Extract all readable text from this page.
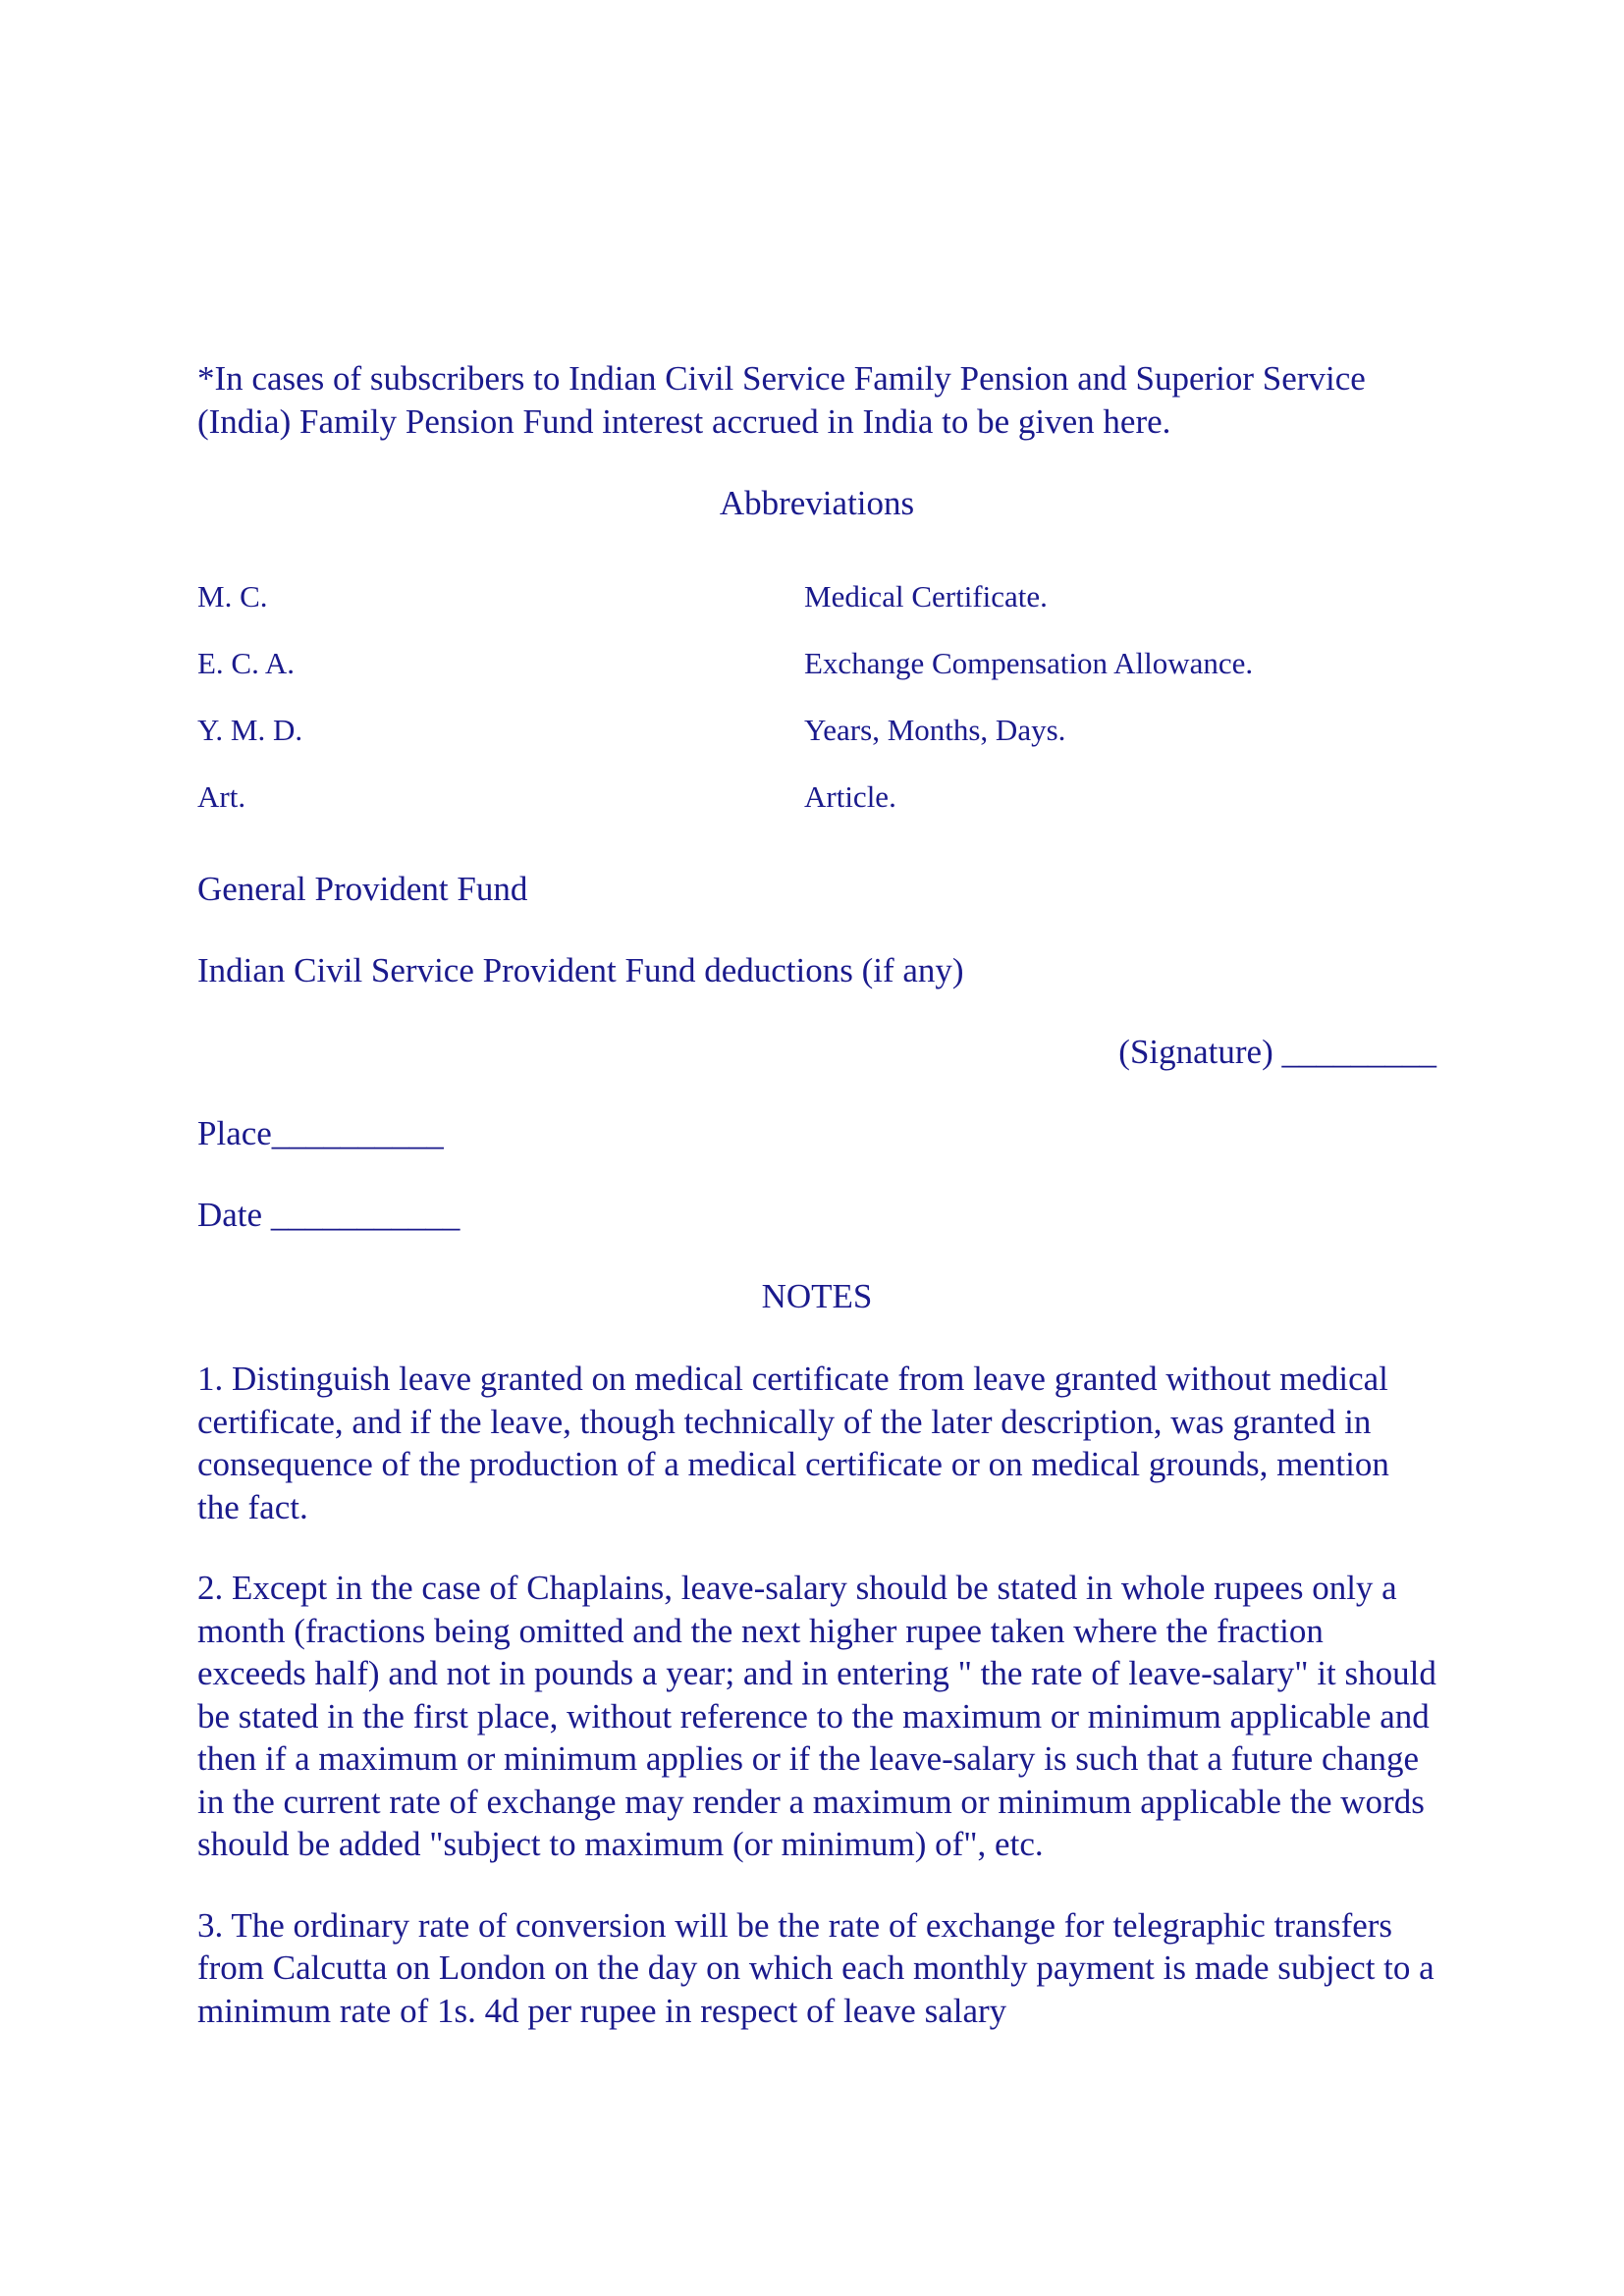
*In cases of subscribers to Indian Civil Service Family Pension and Superior Service (India) Family Pension Fund interest accrued in India to be given here.

Abbreviations
M. C.	Medical Certificate.
E. C. A.	Exchange Compensation Allowance.
Y. M. D.	Years, Months, Days.
Art.	Article.
General Provident Fund
Indian Civil Service Provident Fund deductions (if any)
(Signature) _________
Place__________
Date ___________
NOTES

1. Distinguish leave granted on medical certificate from leave granted without medical certificate, and if the leave, though technically of the later description, was granted in consequence of the production of a medical certificate or on medical grounds, mention the fact.

2. Except in the case of Chaplains, leave-salary should be stated in whole rupees only a month (fractions being omitted and the next higher rupee taken where the fraction exceeds half) and not in pounds a year; and in entering " the rate of leave-salary" it should be stated in the first place, without reference to the maximum or minimum applicable and then if a maximum or minimum applies or if the leave-salary is such that a future change in the current rate of exchange may render a maximum or minimum applicable the words should be added "subject to maximum (or minimum) of", etc.

3. The ordinary rate of conversion will be the rate of exchange for telegraphic transfers from Calcutta on London on the day on which each monthly payment is made subject to a minimum rate of 1s. 4d per rupee in respect of leave salary
